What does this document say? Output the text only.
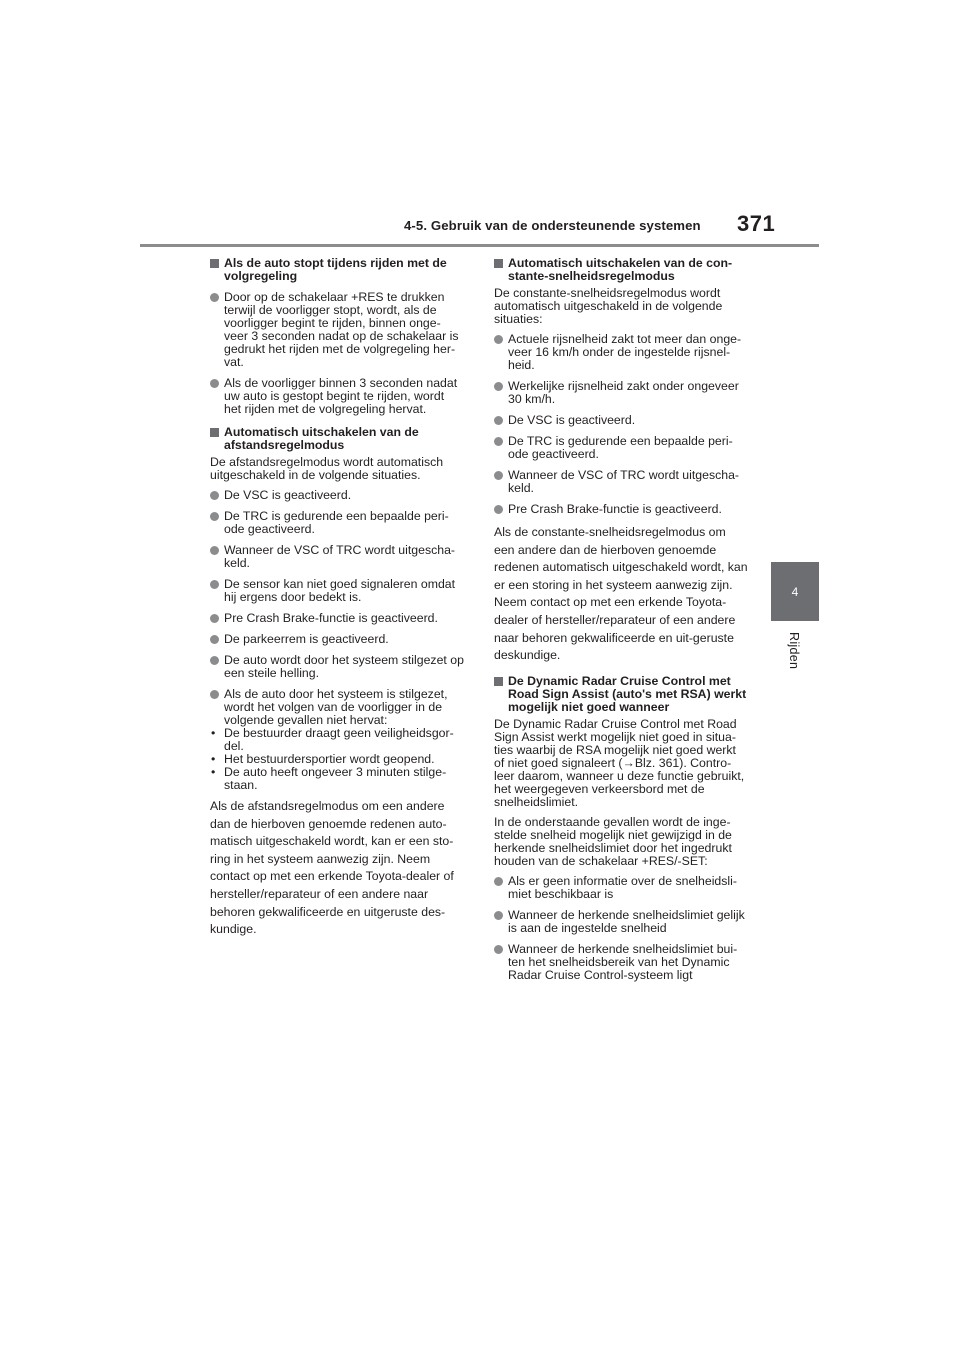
4-5. Gebruik van de ondersteunende systemen 371
4
Rijden
Als de auto stopt tijdens rijden met de volgregeling
Door op de schakelaar +RES te drukken terwijl de voorligger stopt, wordt, als de voorligger begint te rijden, binnen onge-veer 3 seconden nadat op de schakelaar is gedrukt het rijden met de volgregeling her-vat.
Als de voorligger binnen 3 seconden nadat uw auto is gestopt begint te rijden, wordt het rijden met de volgregeling hervat.
Automatisch uitschakelen van de afstandsregelmodus
De afstandsregelmodus wordt automatisch uitgeschakeld in de volgende situaties.
De VSC is geactiveerd.
De TRC is gedurende een bepaalde peri-ode geactiveerd.
Wanneer de VSC of TRC wordt uitgescha-keld.
De sensor kan niet goed signaleren omdat hij ergens door bedekt is.
Pre Crash Brake-functie is geactiveerd.
De parkeerrem is geactiveerd.
De auto wordt door het systeem stilgezet op een steile helling.
Als de auto door het systeem is stilgezet, wordt het volgen van de voorligger in de volgende gevallen niet hervat:
• De bestuurder draagt geen veiligheidsgor-del.
• Het bestuurdersportier wordt geopend.
• De auto heeft ongeveer 3 minuten stilge-staan.
Als de afstandsregelmodus om een andere dan de hierboven genoemde redenen auto-matisch uitgeschakeld wordt, kan er een sto-ring in het systeem aanwezig zijn. Neem contact op met een erkende Toyota-dealer of hersteller/reparateur of een andere naar behoren gekwalificeerde en uitgeruste des-kundige.
Automatisch uitschakelen van de con-stante-snelheidsregelmodus
De constante-snelheidsregelmodus wordt automatisch uitgeschakeld in de volgende situaties:
Actuele rijsnelheid zakt tot meer dan onge-veer 16 km/h onder de ingestelde rijsnel-heid.
Werkelijke rijsnelheid zakt onder ongeveer 30 km/h.
De VSC is geactiveerd.
De TRC is gedurende een bepaalde peri-ode geactiveerd.
Wanneer de VSC of TRC wordt uitgescha-keld.
Pre Crash Brake-functie is geactiveerd.
Als de constante-snelheidsregelmodus om een andere dan de hierboven genoemde redenen automatisch uitgeschakeld wordt, kan er een storing in het systeem aanwezig zijn. Neem contact op met een erkende Toyota-dealer of hersteller/reparateur of een andere naar behoren gekwalificeerde en uit-geruste deskundige.
De Dynamic Radar Cruise Control met Road Sign Assist (auto's met RSA) werkt mogelijk niet goed wanneer
De Dynamic Radar Cruise Control met Road Sign Assist werkt mogelijk niet goed in situa-ties waarbij de RSA mogelijk niet goed werkt of niet goed signaleert (→Blz. 361). Contro-leer daarom, wanneer u deze functie gebruikt, het weergegeven verkeersbord met de snelheidslimiet.
In de onderstaande gevallen wordt de inge-stelde snelheid mogelijk niet gewijzigd in de herkende snelheidslimiet door het ingedrukt houden van de schakelaar +RES/-SET:
Als er geen informatie over de snelheidsli-miet beschikbaar is
Wanneer de herkende snelheidslimiet gelijk is aan de ingestelde snelheid
Wanneer de herkende snelheidslimiet bui-ten het snelheidsbereik van het Dynamic Radar Cruise Control-systeem ligt
